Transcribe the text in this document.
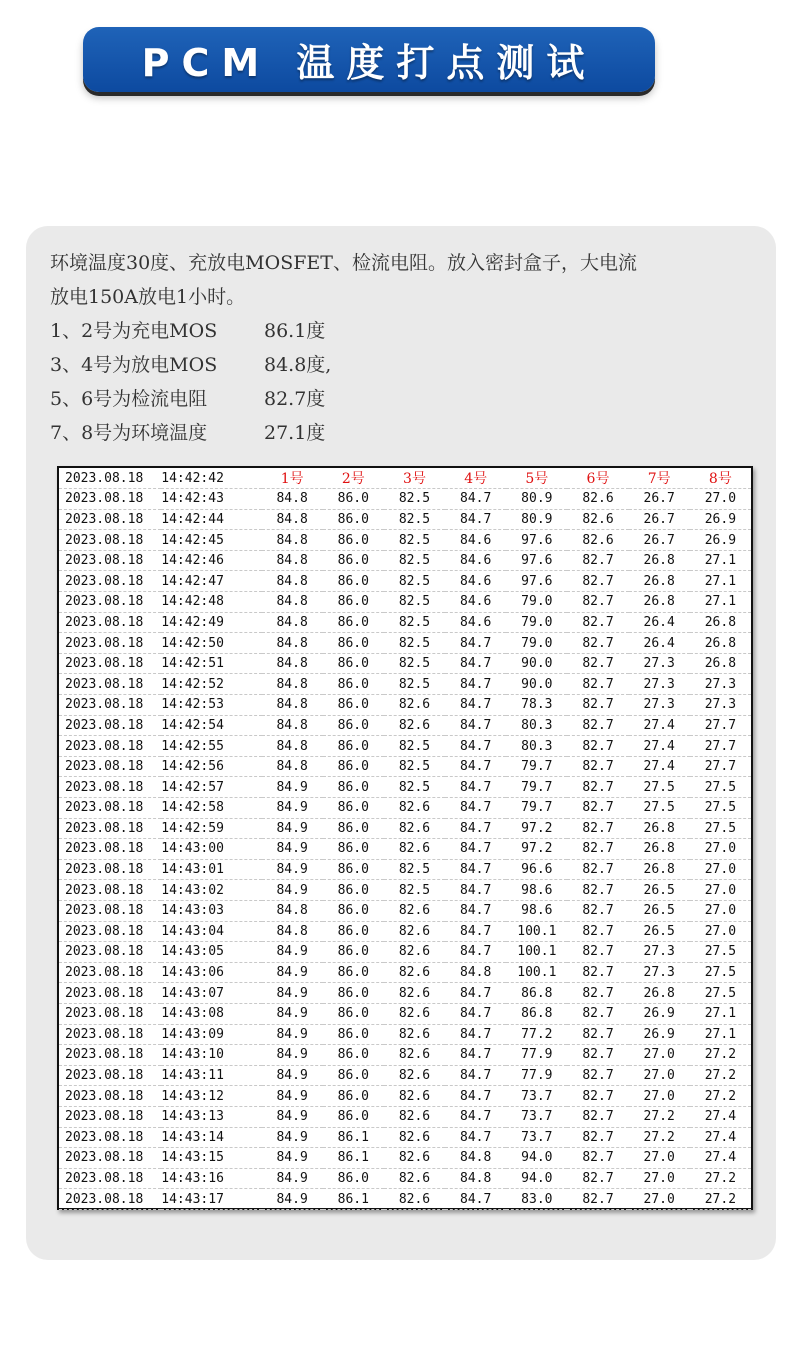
PCM 温度打点测试
环境温度30度、充放电MOSFET、检流电阻。放入密封盒子，大电流
放电150A放电1小时。
1、2号为充电MOS 86.1度
3、4号为放电MOS 84.8度,
5、6号为检流电阻	82.7度
7、8号为环境温度	27.1度
2023.08.18	14:42:42	1号	2号	3号	4号	5号	6号	7号	8号
2023.08.18	14:42:43	84.8	86.0	82.5	84.7	80.9	82.6	26.7	27.0
2023.08.18	14:42:44	84.8	86.0	82.5	84.7	80.9	82.6	26.7	26.9
2023.08.18	14:42:45	84.8	86.0	82.5	84.6	97.6	82.6	26.7	26.9
2023.08.18	14:42:46	84.8	86.0	82.5	84.6	97.6	82.7	26.8	27.1
2023.08.18	14:42:47	84.8	86.0	82.5	84.6	97.6	82.7	26.8	27.1
2023.08.18	14:42:48	84.8	86.0	82.5	84.6	79.0	82.7	26.8	27.1
2023.08.18	14:42:49	84.8	86.0	82.5	84.6	79.0	82.7	26.4	26.8
2023.08.18	14:42:50	84.8	86.0	82.5	84.7	79.0	82.7	26.4	26.8
2023.08.18	14:42:51	84.8	86.0	82.5	84.7	90.0	82.7	27.3	26.8
2023.08.18	14:42:52	84.8	86.0	82.5	84.7	90.0	82.7	27.3	27.3
2023.08.18	14:42:53	84.8	86.0	82.6	84.7	78.3	82.7	27.3	27.3
2023.08.18	14:42:54	84.8	86.0	82.6	84.7	80.3	82.7	27.4	27.7
2023.08.18	14:42:55	84.8	86.0	82.5	84.7	80.3	82.7	27.4	27.7
2023.08.18	14:42:56	84.8	86.0	82.5	84.7	79.7	82.7	27.4	27.7
2023.08.18	14:42:57	84.9	86.0	82.5	84.7	79.7	82.7	27.5	27.5
2023.08.18	14:42:58	84.9	86.0	82.6	84.7	79.7	82.7	27.5	27.5
2023.08.18	14:42:59	84.9	86.0	82.6	84.7	97.2	82.7	26.8	27.5
2023.08.18	14:43:00	84.9	86.0	82.6	84.7	97.2	82.7	26.8	27.0
2023.08.18	14:43:01	84.9	86.0	82.5	84.7	96.6	82.7	26.8	27.0
2023.08.18	14:43:02	84.9	86.0	82.5	84.7	98.6	82.7	26.5	27.0
2023.08.18	14:43:03	84.8	86.0	82.6	84.7	98.6	82.7	26.5	27.0
2023.08.18	14:43:04	84.8	86.0	82.6	84.7	100.1	82.7	26.5	27.0
2023.08.18	14:43:05	84.9	86.0	82.6	84.7	100.1	82.7	27.3	27.5
2023.08.18	14:43:06	84.9	86.0	82.6	84.8	100.1	82.7	27.3	27.5
2023.08.18	14:43:07	84.9	86.0	82.6	84.7	86.8	82.7	26.8	27.5
2023.08.18	14:43:08	84.9	86.0	82.6	84.7	86.8	82.7	26.9	27.1
2023.08.18	14:43:09	84.9	86.0	82.6	84.7	77.2	82.7	26.9	27.1
2023.08.18	14:43:10	84.9	86.0	82.6	84.7	77.9	82.7	27.0	27.2
2023.08.18	14:43:11	84.9	86.0	82.6	84.7	77.9	82.7	27.0	27.2
2023.08.18	14:43:12	84.9	86.0	82.6	84.7	73.7	82.7	27.0	27.2
2023.08.18	14:43:13	84.9	86.0	82.6	84.7	73.7	82.7	27.2	27.4
2023.08.18	14:43:14	84.9	86.1	82.6	84.7	73.7	82.7	27.2	27.4
2023.08.18	14:43:15	84.9	86.1	82.6	84.8	94.0	82.7	27.0	27.4
2023.08.18	14:43:16	84.9	86.0	82.6	84.8	94.0	82.7	27.0	27.2
2023.08.18	14:43:17	84.9	86.1	82.6	84.7	83.0	82.7	27.0	27.2
